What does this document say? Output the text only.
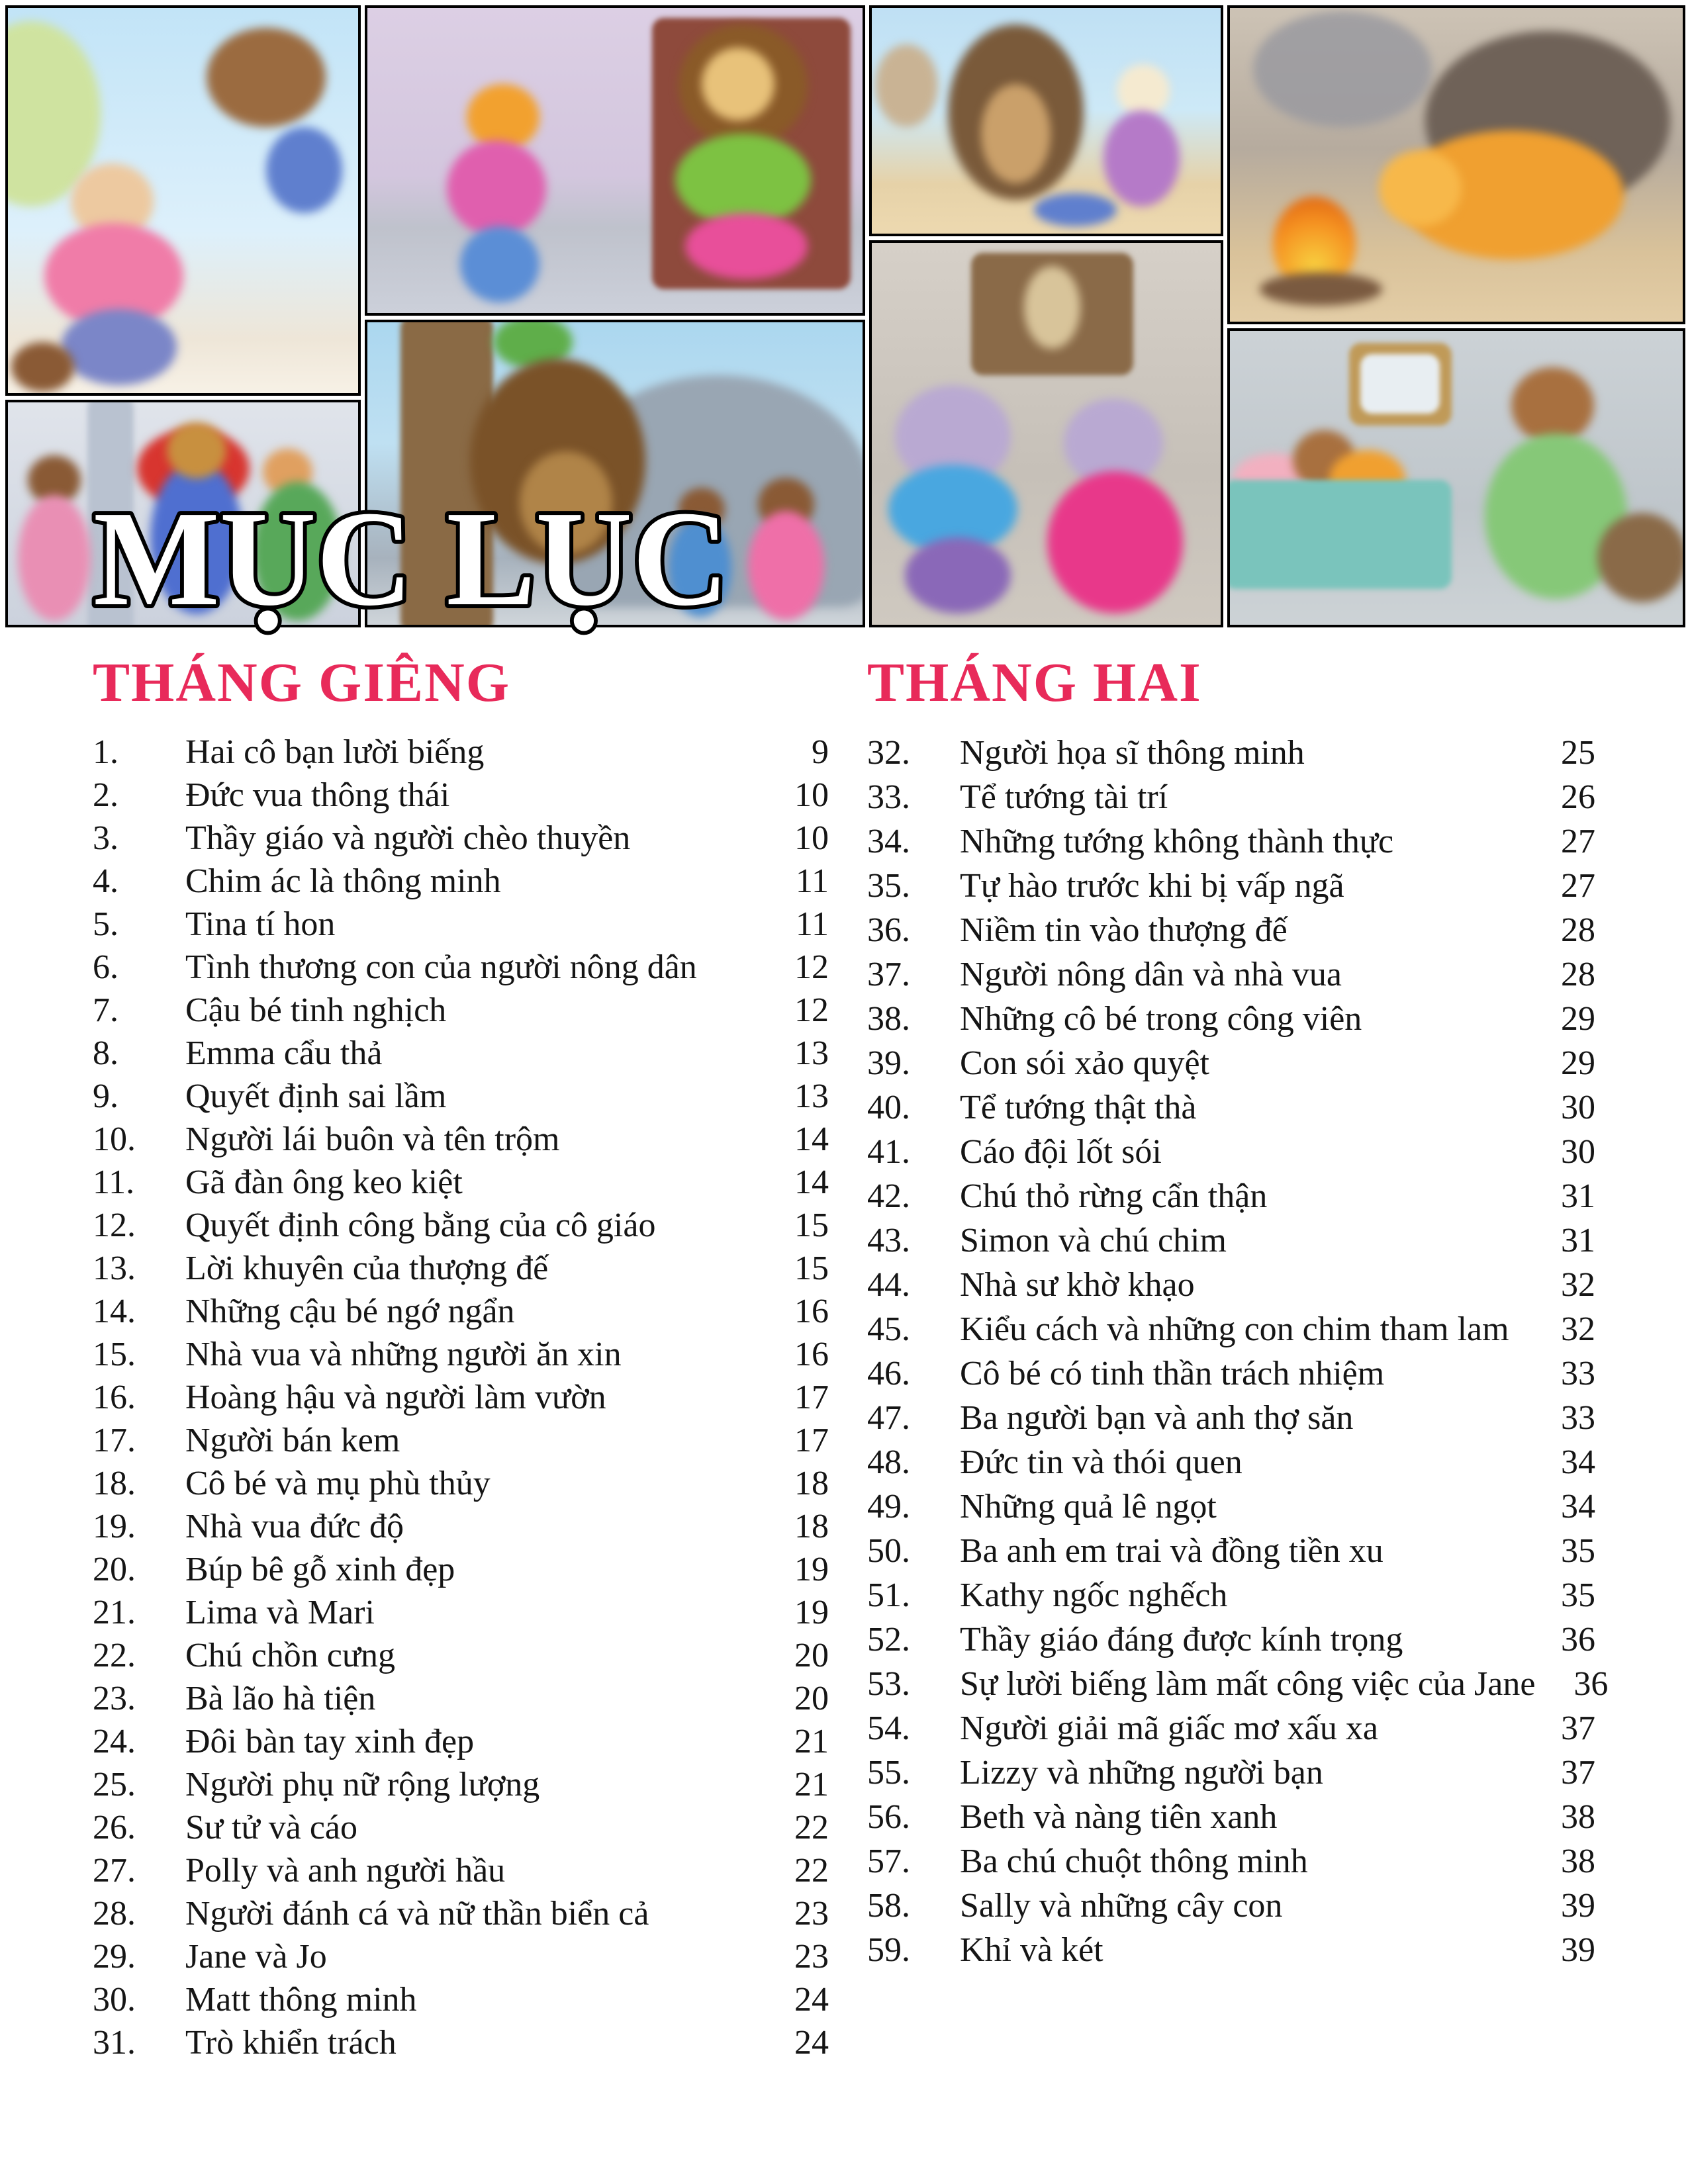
MỤC LỤC
THÁNG GIÊNG
1.	Hai cô bạn lười biếng	9
2.	Đức vua thông thái	10
3.	Thầy giáo và người chèo thuyền	10
4.	Chim ác là thông minh	11
5.	Tina tí hon	11
6.	Tình thương con của người nông dân	12
7.	Cậu bé tinh nghịch	12
8.	Emma cẩu thả	13
9.	Quyết định sai lầm	13
10.	Người lái buôn và tên trộm	14
11.	Gã đàn ông keo kiệt	14
12.	Quyết định công bằng của cô giáo	15
13.	Lời khuyên của thượng đế	15
14.	Những cậu bé ngớ ngẩn	16
15.	Nhà vua và những người ăn xin	16
16.	Hoàng hậu và người làm vườn	17
17.	Người bán kem	17
18.	Cô bé và mụ phù thủy	18
19.	Nhà vua đức độ	18
20.	Búp bê gỗ xinh đẹp	19
21.	Lima và Mari	19
22.	Chú chồn cưng	20
23.	Bà lão hà tiện	20
24.	Đôi bàn tay xinh đẹp	21
25.	Người phụ nữ rộng lượng	21
26.	Sư tử và cáo	22
27.	Polly và anh người hầu	22
28.	Người đánh cá và nữ thần biển cả	23
29.	Jane và Jo	23
30.	Matt thông minh	24
31.	Trò khiển trách	24
THÁNG HAI
32.	Người họa sĩ thông minh	25
33.	Tể tướng tài trí	26
34.	Những tướng không thành thực	27
35.	Tự hào trước khi bị vấp ngã	27
36.	Niềm tin vào thượng đế	28
37.	Người nông dân và nhà vua	28
38.	Những cô bé trong công viên	29
39.	Con sói xảo quyệt	29
40.	Tể tướng thật thà	30
41.	Cáo đội lốt sói	30
42.	Chú thỏ rừng cẩn thận	31
43.	Simon và chú chim	31
44.	Nhà sư khờ khạo	32
45.	Kiểu cách và những con chim tham lam	32
46.	Cô bé có tinh thần trách nhiệm	33
47.	Ba người bạn và anh thợ săn	33
48.	Đức tin và thói quen	34
49.	Những quả lê ngọt	34
50.	Ba anh em trai và đồng tiền xu	35
51.	Kathy ngốc nghếch	35
52.	Thầy giáo đáng được kính trọng	36
53.	Sự lười biếng làm mất công việc của Jane	36
54.	Người giải mã giấc mơ xấu xa	37
55.	Lizzy và những người bạn	37
56.	Beth và nàng tiên xanh	38
57.	Ba chú chuột thông minh	38
58.	Sally và những cây con	39
59.	Khỉ và két	39
